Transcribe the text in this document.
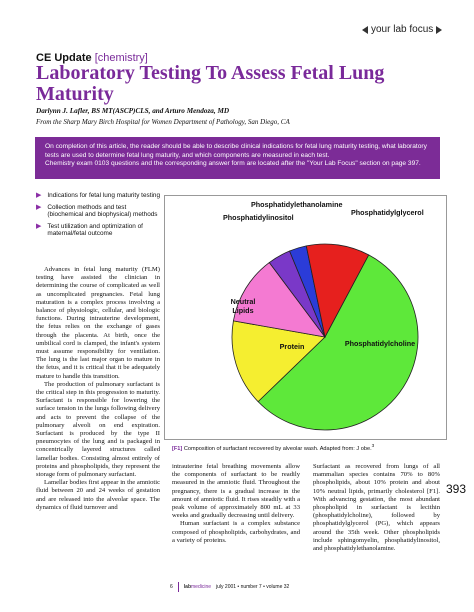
your lab focus
CE Update [chemistry]
Laboratory Testing To Assess Fetal Lung Maturity
Darlynn J. Lafler, BS MT(ASCP)CLS, and Arturo Mendoza, MD
From the Sharp Mary Birch Hospital for Women Department of Pathology, San Diego, CA
On completion of this article, the reader should be able to describe clinical indications for fetal lung maturity testing, what laboratory tests are used to determine fetal lung maturity, and which components are measured in each test.
Chemistry exam 0103 questions and the corresponding answer form are located after the "Your Lab Focus" section on page 397.
▶ Indications for fetal lung maturity testing
▶ Collection methods and test (biochemical and biophysical) methods
▶ Test utilization and optimization of maternal/fetal outcome
Phosphatidylcholine
Protein
Neutral Lipids
Phosphatidylinositol
Phosphatidylethanolamine
Phosphatidylglycerol
[F1] Composition of surfactant recovered by alveolar wash. Adapted from: J obe.$^3$

Advances in fetal lung maturity (FLM) testing have assisted the clinician in determining the course of complicated as well as uncomplicated pregnancies. Fetal lung maturation is a complex process involving a balance of physiologic, cellular, and biologic functions. During intrauterine development, the fetus relies on the exchange of gases through the placenta. At birth, once the umbilical cord is clamped, the infant's system must assume responsibility for ventilation. The lung is the last major organ to mature in the fetus, and it is critical that it be adequately mature to handle this transition.

The production of pulmonary surfactant is the critical step in this progression to maturity. Surfactant is responsible for lowering the surface tension in the lungs following delivery and acts to prevent the collapse of the pulmonary alveoli on end expiration. Surfactant is produced by the type II pneumocytes of the lung and is packaged in concentrically layered structures called lamellar bodies. Consisting almost entirely of proteins and phospholipids, they represent the storage form of pulmonary surfactant.

Lamellar bodies first appear in the amniotic fluid between 20 and 24 weeks of gestation and are released into the alveolar space. The dynamics of fluid turnover and

intrauterine fetal breathing movements allow the components of surfactant to be readily measured in the amniotic fluid. Throughout the pregnancy, there is a gradual increase in the amount of amniotic fluid. It rises steadily with a peak volume of approximately 800 mL at 33 weeks and gradually decreasing until delivery.

Human surfactant is a complex substance composed of phospholipids, carbohydrates, and a variety of proteins.

Surfactant as recovered from lungs of all mammalian species contains 70% to 80% phospholipids, about 10% protein and about 10% neutral lipids, primarily cholesterol [F1]. With advancing gestation, the most abundant phospholipid in surfactant is lecithin (phosphatidylcholine), followed by phosphatidylglycerol (PG), which appears around the 35th week. Other phospholipids include sphingomyelin, phosphatidylinositol, and phosphatidylethanolamine.

393
6 labmedicine july 2001 • number 7 • volume 32
